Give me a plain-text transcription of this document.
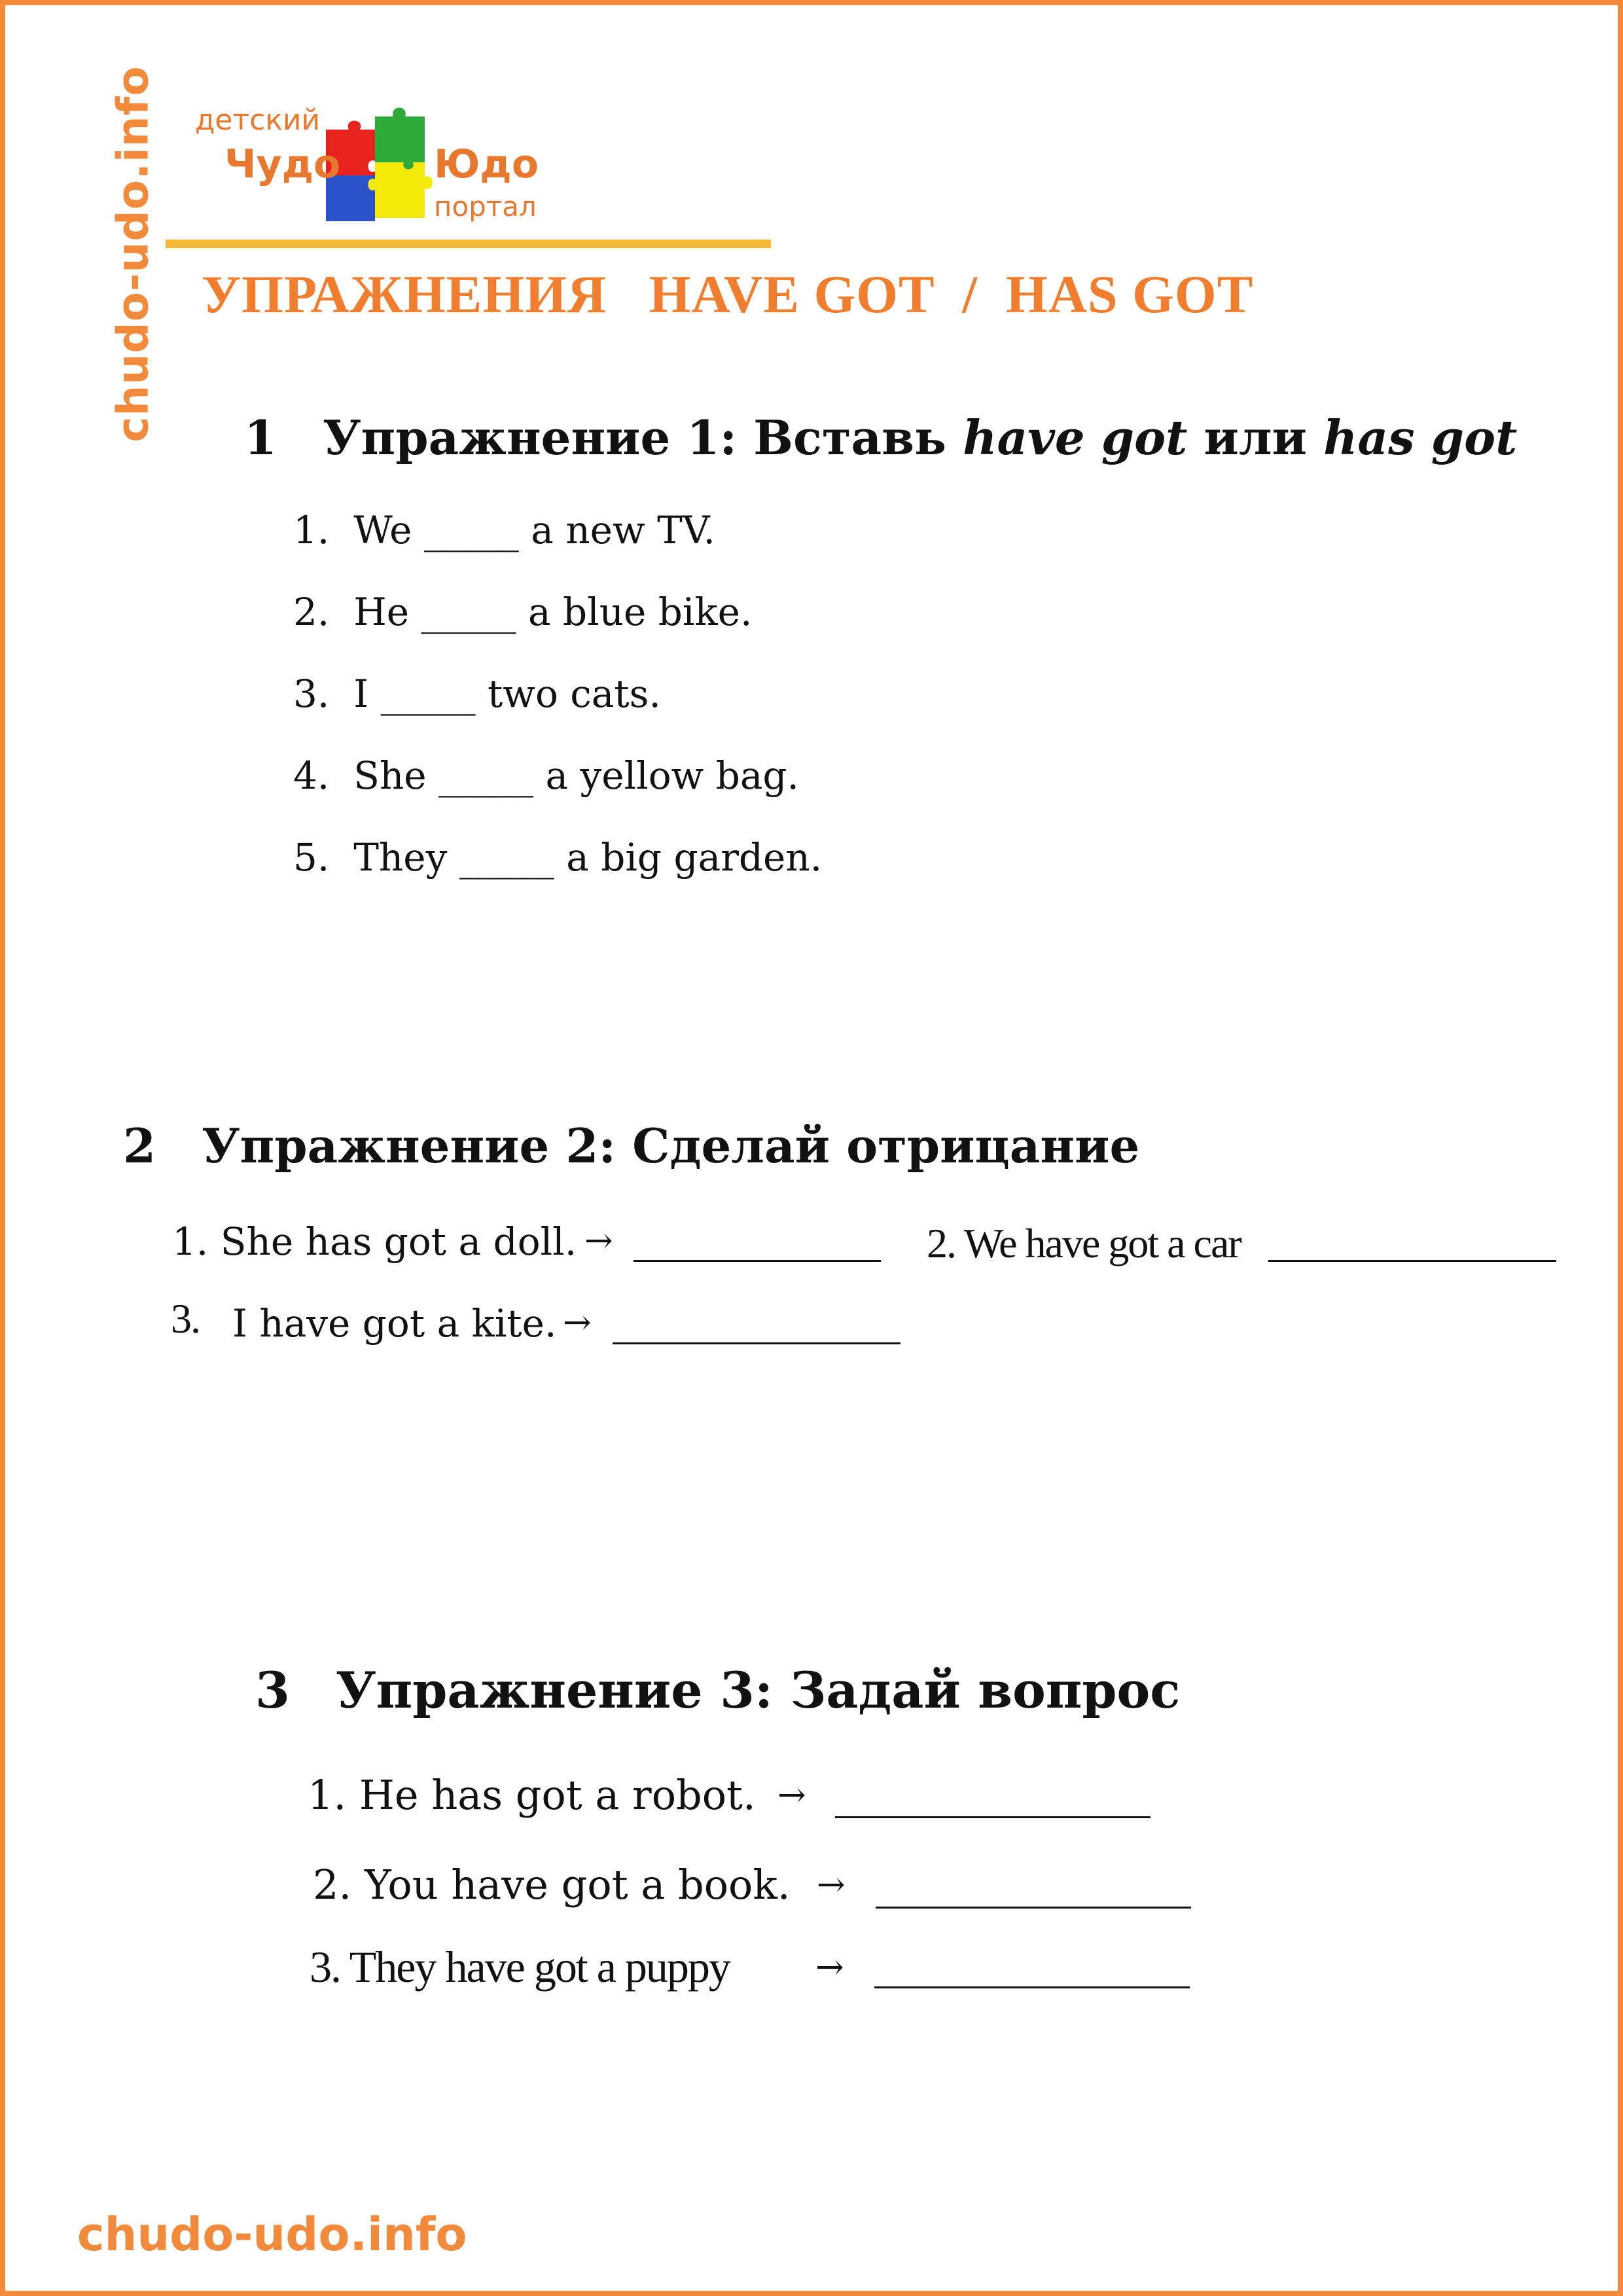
chudo-udo.info детский
Чудо Юдо
портал
УПРАЖНЕНИЯ HAVE GOT / HAS GOT
1 Упражнение 1: Вставь have got или has got
1. We _____ a new TV.
2. He _____ a blue bike.
3. I _____ two cats.
4. She _____ a yellow bag.
5. They _____ a big garden.
2 Упражнение 2: Сделай отрицание
1. She has got a doll. →	2. We have got a car
3. I have got a kite. →
3 Упражнение 3: Задай вопрос
1. He has got a robot. →
2. You have got a book. →
3. They have got a puppy	→
chudo-udo.info
